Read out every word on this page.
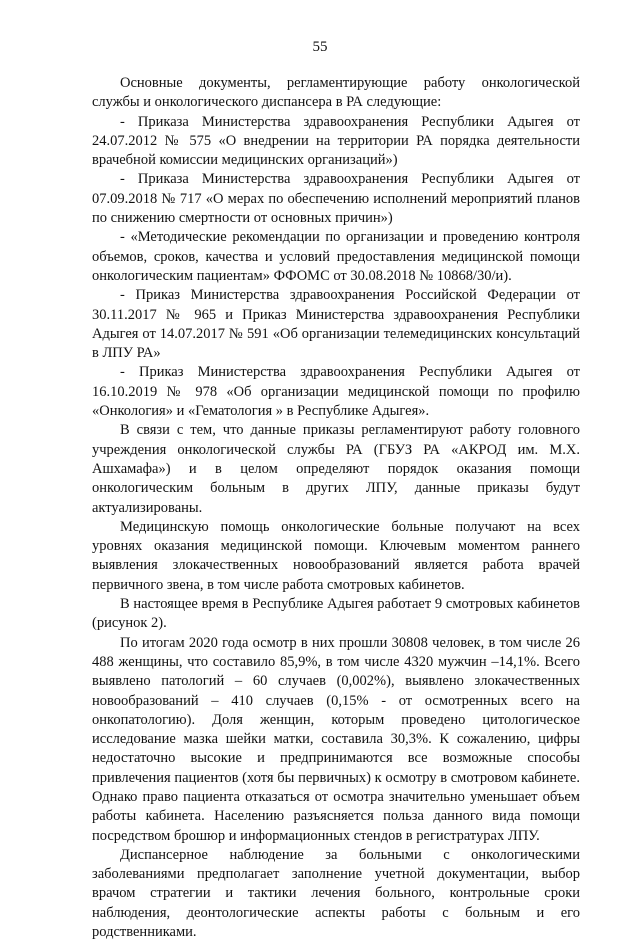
55

Основные документы, регламентирующие работу онкологической службы и онкологического диспансера в РА следующие:

- Приказа Министерства здравоохранения Республики Адыгея от 24.07.2012 № 575 «О внедрении на территории РА порядка деятельности врачебной комиссии медицинских организаций»)

- Приказа Министерства здравоохранения Республики Адыгея от 07.09.2018 № 717 «О мерах по обеспечению исполнений мероприятий планов по снижению смертности от основных причин»)

- «Методические рекомендации по организации и проведению контроля объемов, сроков, качества и условий предоставления медицинской помощи онкологическим пациентам» ФФОМС от 30.08.2018 № 10868/30/и).

- Приказ Министерства здравоохранения Российской Федерации от 30.11.2017 № 965 и Приказ Министерства здравоохранения Республики Адыгея от 14.07.2017 № 591 «Об организации телемедицинских консультаций в ЛПУ РА»

- Приказ Министерства здравоохранения Республики Адыгея от 16.10.2019 № 978 «Об организации медицинской помощи по профилю «Онкология» и «Гематология » в Республике Адыгея».

В связи с тем, что данные приказы регламентируют работу головного учреждения онкологической службы РА (ГБУЗ РА «АКРОД им. М.Х. Ашхамафа») и в целом определяют порядок оказания помощи онкологическим больным в других ЛПУ, данные приказы будут актуализированы.

Медицинскую помощь онкологические больные получают на всех уровнях оказания медицинской помощи. Ключевым моментом раннего выявления злокачественных новообразований является работа врачей первичного звена, в том числе работа смотровых кабинетов.

В настоящее время в Республике Адыгея работает 9 смотровых кабинетов (рисунок 2).

По итогам 2020 года осмотр в них прошли 30808 человек, в том числе 26 488 женщины, что составило 85,9%, в том числе 4320 мужчин –14,1%. Всего выявлено патологий – 60 случаев (0,002%), выявлено злокачественных новообразований – 410 случаев (0,15% - от осмотренных всего на онкопатологию). Доля женщин, которым проведено цитологическое исследование мазка шейки матки, составила 30,3%. К сожалению, цифры недостаточно высокие и предпринимаются все возможные способы привлечения пациентов (хотя бы первичных) к осмотру в смотровом кабинете. Однако право пациента отказаться от осмотра значительно уменьшает объем работы кабинета. Населению разъясняется польза данного вида помощи посредством брошюр и информационных стендов в регистратурах ЛПУ.

Диспансерное наблюдение за больными с онкологическими заболеваниями предполагает заполнение учетной документации, выбор врачом стратегии и тактики лечения больного, контрольные сроки наблюдения, деонтологические аспекты работы с больным и его родственниками.
